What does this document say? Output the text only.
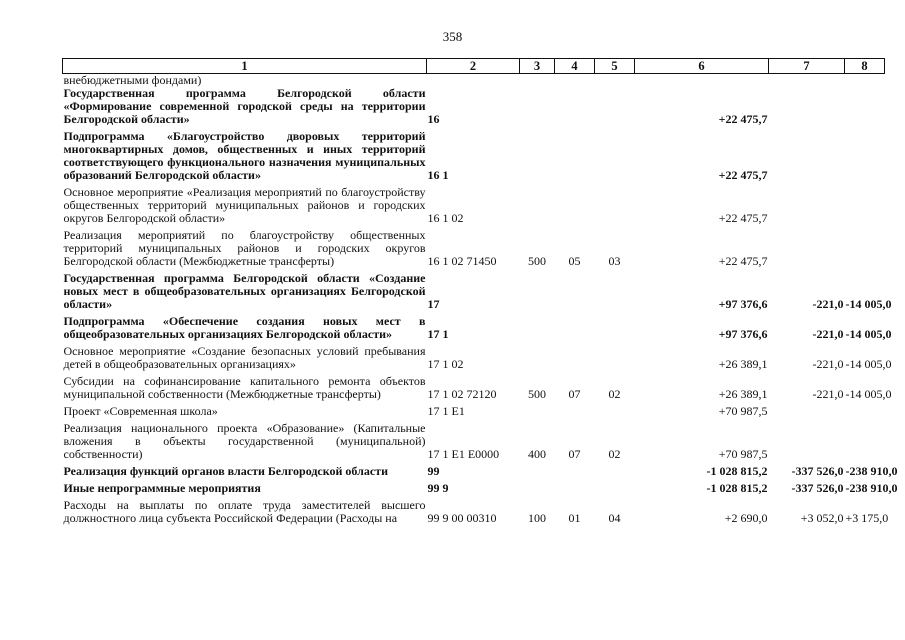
358
1	2	3	4	5	6	7	8
внебюджетными фондами)							
Государственная программа Белгородской области «Формирование современной городской среды на территории Белгородской области»	16				+22 475,7		

Подпрограмма «Благоустройство дворовых территорий многоквартирных домов, общественных и иных территорий соответствующего функционального назначения муниципальных образований Белгородской области»	16 1				+22 475,7		

Основное мероприятие «Реализация мероприятий по благоустройству общественных территорий муниципальных районов и городских округов Белгородской области»	16 1 02				+22 475,7		

Реализация мероприятий по благоустройству общественных территорий муниципальных районов и городских округов Белгородской области (Межбюджетные трансферты)	16 1 02 71450	500	05	03	+22 475,7		

Государственная программа Белгородской области «Создание новых мест в общеобразовательных организациях Белгородской области»	17				+97 376,6	-221,0	-14 005,0

Подпрограмма «Обеспечение создания новых мест в общеобразовательных организациях Белгородской области»	17 1				+97 376,6	-221,0	-14 005,0

Основное мероприятие «Создание безопасных условий пребывания детей в общеобразовательных организациях»	17 1 02				+26 389,1	-221,0	-14 005,0

Субсидии на софинансирование капитального ремонта объектов муниципальной собственности (Межбюджетные трансферты)	17 1 02 72120	500	07	02	+26 389,1	-221,0	-14 005,0

Проект «Современная школа»	17 1 E1				+70 987,5		

Реализация национального проекта «Образование» (Капитальные вложения в объекты государственной (муниципальной) собственности)	17 1 E1 E0000	400	07	02	+70 987,5		

Реализация функций органов власти Белгородской области	99				-1 028 815,2	-337 526,0	-238 910,0

Иные непрограммные мероприятия	99 9				-1 028 815,2	-337 526,0	-238 910,0

Расходы на выплаты по оплате труда заместителей высшего должностного лица субъекта Российской Федерации (Расходы на	99 9 00 00310	100	01	04	+2 690,0	+3 052,0	+3 175,0
